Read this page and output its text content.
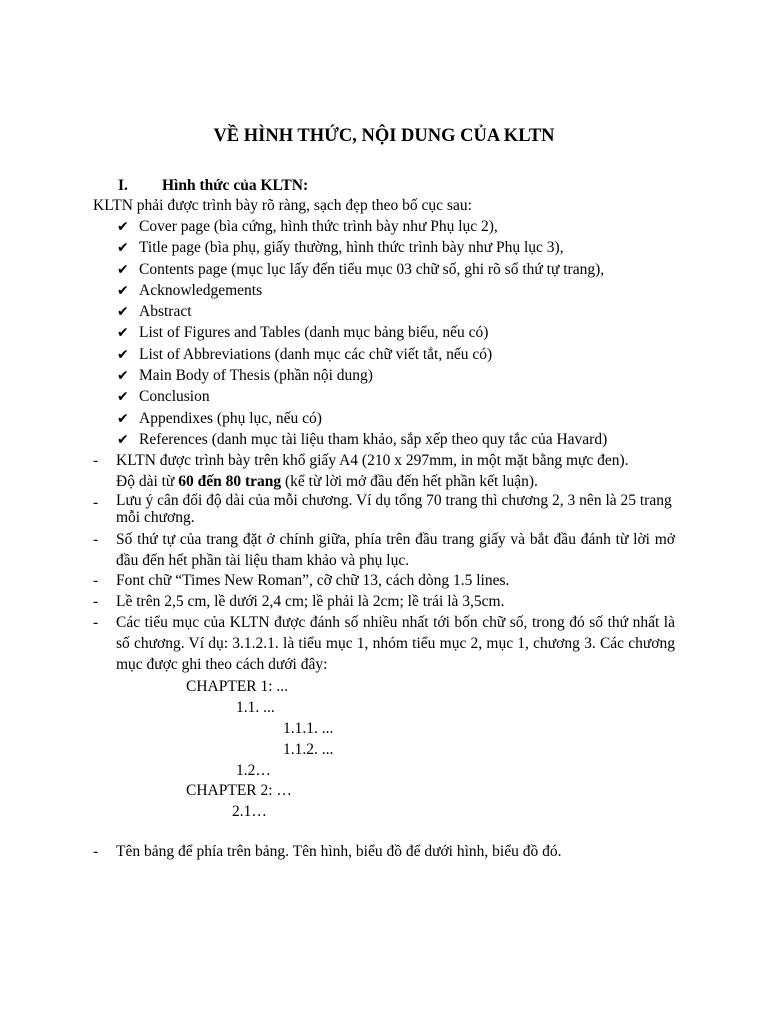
VỀ HÌNH THỨC, NỘI DUNG CỦA KLTN
I. Hình thức của KLTN:
KLTN phải được trình bày rõ ràng, sạch đẹp theo bố cục sau:
✔ Cover page (bìa cứng, hình thức trình bày như Phụ lục 2),
✔ Title page (bìa phụ, giấy thường, hình thức trình bày như Phụ lục 3),
✔ Contents page (mục lục lấy đến tiểu mục 03 chữ số, ghi rõ số thứ tự trang),
✔ Acknowledgements
✔ Abstract
✔ List of Figures and Tables (danh mục bảng biểu, nếu có)
✔ List of Abbreviations (danh mục các chữ viết tắt, nếu có)
✔ Main Body of Thesis (phần nội dung)
✔ Conclusion
✔ Appendixes (phụ lục, nếu có)
✔ References (danh mục tài liệu tham khảo, sắp xếp theo quy tắc của Havard)
- KLTN được trình bày trên khổ giấy A4 (210 x 297mm, in một mặt bằng mực đen).
Độ dài từ 60 đến 80 trang (kể từ lời mở đầu đến hết phần kết luận).
- Lưu ý cân đối độ dài của mỗi chương. Ví dụ tổng 70 trang thì chương 2, 3 nên là 25 trang mỗi chương.
- Số thứ tự của trang đặt ở chính giữa, phía trên đầu trang giấy và bắt đầu đánh từ lời mở đầu đến hết phần tài liệu tham khảo và phụ lục.
- Font chữ “Times New Roman”, cỡ chữ 13, cách dòng 1.5 lines.
- Lề trên 2,5 cm, lề dưới 2,4 cm; lề phải là 2cm; lề trái là 3,5cm.
- Các tiểu mục của KLTN được đánh số nhiều nhất tới bốn chữ số, trong đó số thứ nhất là số chương. Ví dụ: 3.1.2.1. là tiểu mục 1, nhóm tiểu mục 2, mục 1, chương 3. Các chương mục được ghi theo cách dưới đây:
CHAPTER 1: ...
1.1. ...
1.1.1. ...
1.1.2. ...
1.2…
CHAPTER 2: …
2.1…
- Tên bảng để phía trên bảng. Tên hình, biểu đồ để dưới hình, biểu đồ đó.
